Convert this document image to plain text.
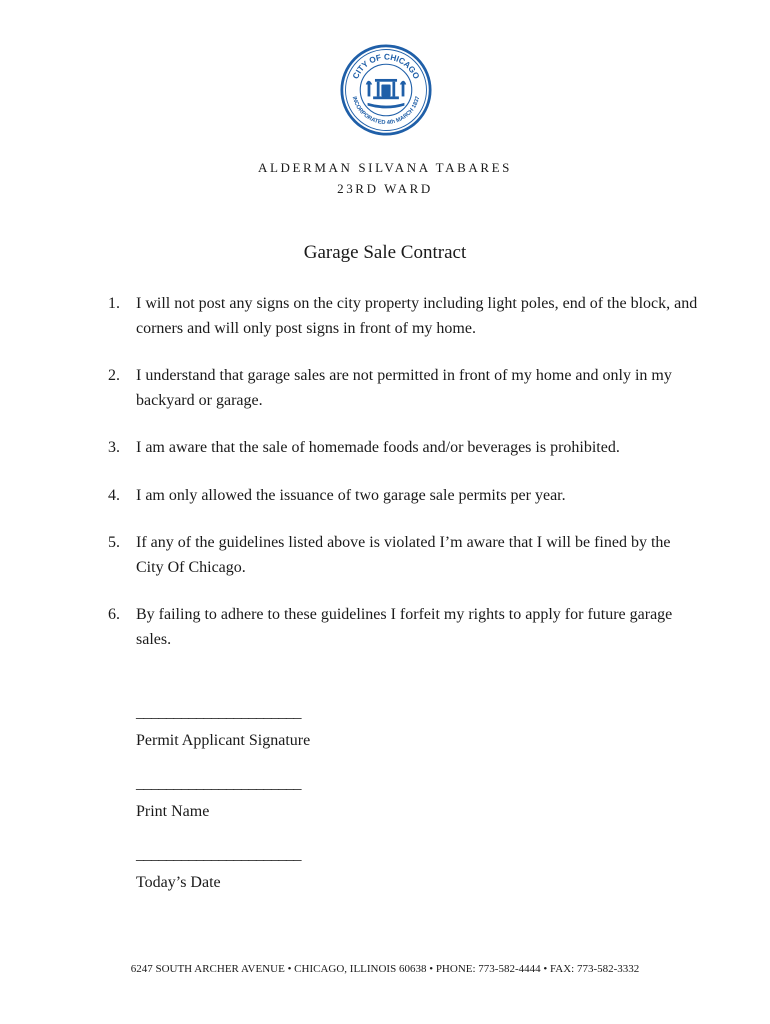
CITY OF CHICAGO
INCORPORATED 4th MARCH 1837
ALDERMAN SILVANA TABARES
23RD WARD
Garage Sale Contract
1. I will not post any signs on the city property including light poles, end of the block, and corners and will only post signs in front of my home.
2. I understand that garage sales are not permitted in front of my home and only in my backyard or garage.
3. I am aware that the sale of homemade foods and/or beverages is prohibited.
4. I am only allowed the issuance of two garage sale permits per year.
5. If any of the guidelines listed above is violated I’m aware that I will be fined by the City Of Chicago.
6. By failing to adhere to these guidelines I forfeit my rights to apply for future garage sales.
______________________
Permit Applicant Signature
______________________
Print Name
______________________
Today’s Date
6247 SOUTH ARCHER AVENUE • CHICAGO, ILLINOIS 60638 • PHONE: 773-582-4444 • FAX: 773-582-3332
